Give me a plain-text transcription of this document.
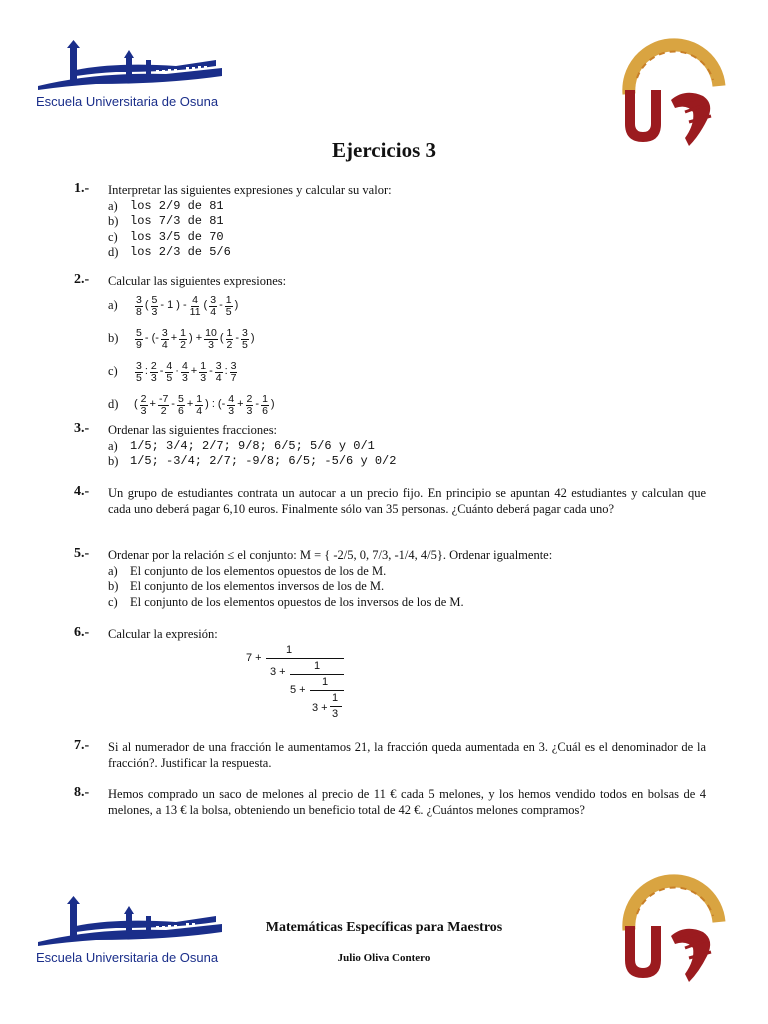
Escuela Universitaria de Osuna
Ejercicios 3
1.- Interpretar las siguientes expresiones y calcular su valor:
a)	los 2/9 de 81
b) los 7/3 de 81
c)	los 3/5 de 70
d) los 2/3 de 5/6
2.- Calcular las siguientes expresiones:
a)	$\frac{3}{8}$ ( $\frac{5}{3} - 1$ ) - $\frac{4}{11}$ ( $\frac{3}{4} - \frac{1}{5}$ )
b)	$\frac{5}{9}$ - (- $\frac{3}{4} + \frac{1}{2}$ ) + $\frac{10}{3}$ ( $\frac{1}{2} - \frac{3}{5}$ )
c)	$\frac{3}{5}$ : $\frac{2}{3} - \frac{4}{5} \cdot \frac{4}{3} + \frac{1}{3} - \frac{3}{4}$ : $\frac{3}{7}$
d)	( $\frac{2}{3} + \frac{-7}{2} - \frac{5}{6} + \frac{1}{4}$ ) : (- $\frac{4}{3} + \frac{2}{3} - \frac{1}{6}$ )
3.- Ordenar las siguientes fracciones:
a)	1/5; 3/4; 2/7; 9/8; 6/5; 5/6 y 0/1
b) 1/5; -3/4; 2/7; -9/8; 6/5; -5/6 y 0/2
4.- Un grupo de estudiantes contrata un autocar a un precio fijo. En principio se apuntan 42 estudiantes y calculan que cada uno deberá pagar 6,10 euros. Finalmente sólo van 35 personas. ¿Cuánto deberá pagar cada uno?
5.- Ordenar por la relación ≤ el conjunto: M = { -2/5, 0, 7/3, -1/4, 4/5}. Ordenar igualmente:
a) El conjunto de los elementos opuestos de los de M.
b) El conjunto de los elementos inversos de los de M.
c) El conjunto de los elementos opuestos de los inversos de los de M.
6.- Calcular la expresión:
7 +
1
3 +	1
5 +
1
3 +
1
3
7.- Si al numerador de una fracción le aumentamos 21, la fracción queda aumentada en 3. ¿Cuál es el denominador de la fracción?. Justificar la respuesta.
8.- Hemos comprado un saco de melones al precio de 11 € cada 5 melones, y los hemos vendido todos en bolsas de 4 melones, a 13 € la bolsa, obteniendo un beneficio total de 42 €. ¿Cuántos melones compramos?
Escuela Universitaria de Osuna
Matemáticas Específicas para Maestros
Julio Oliva Contero
